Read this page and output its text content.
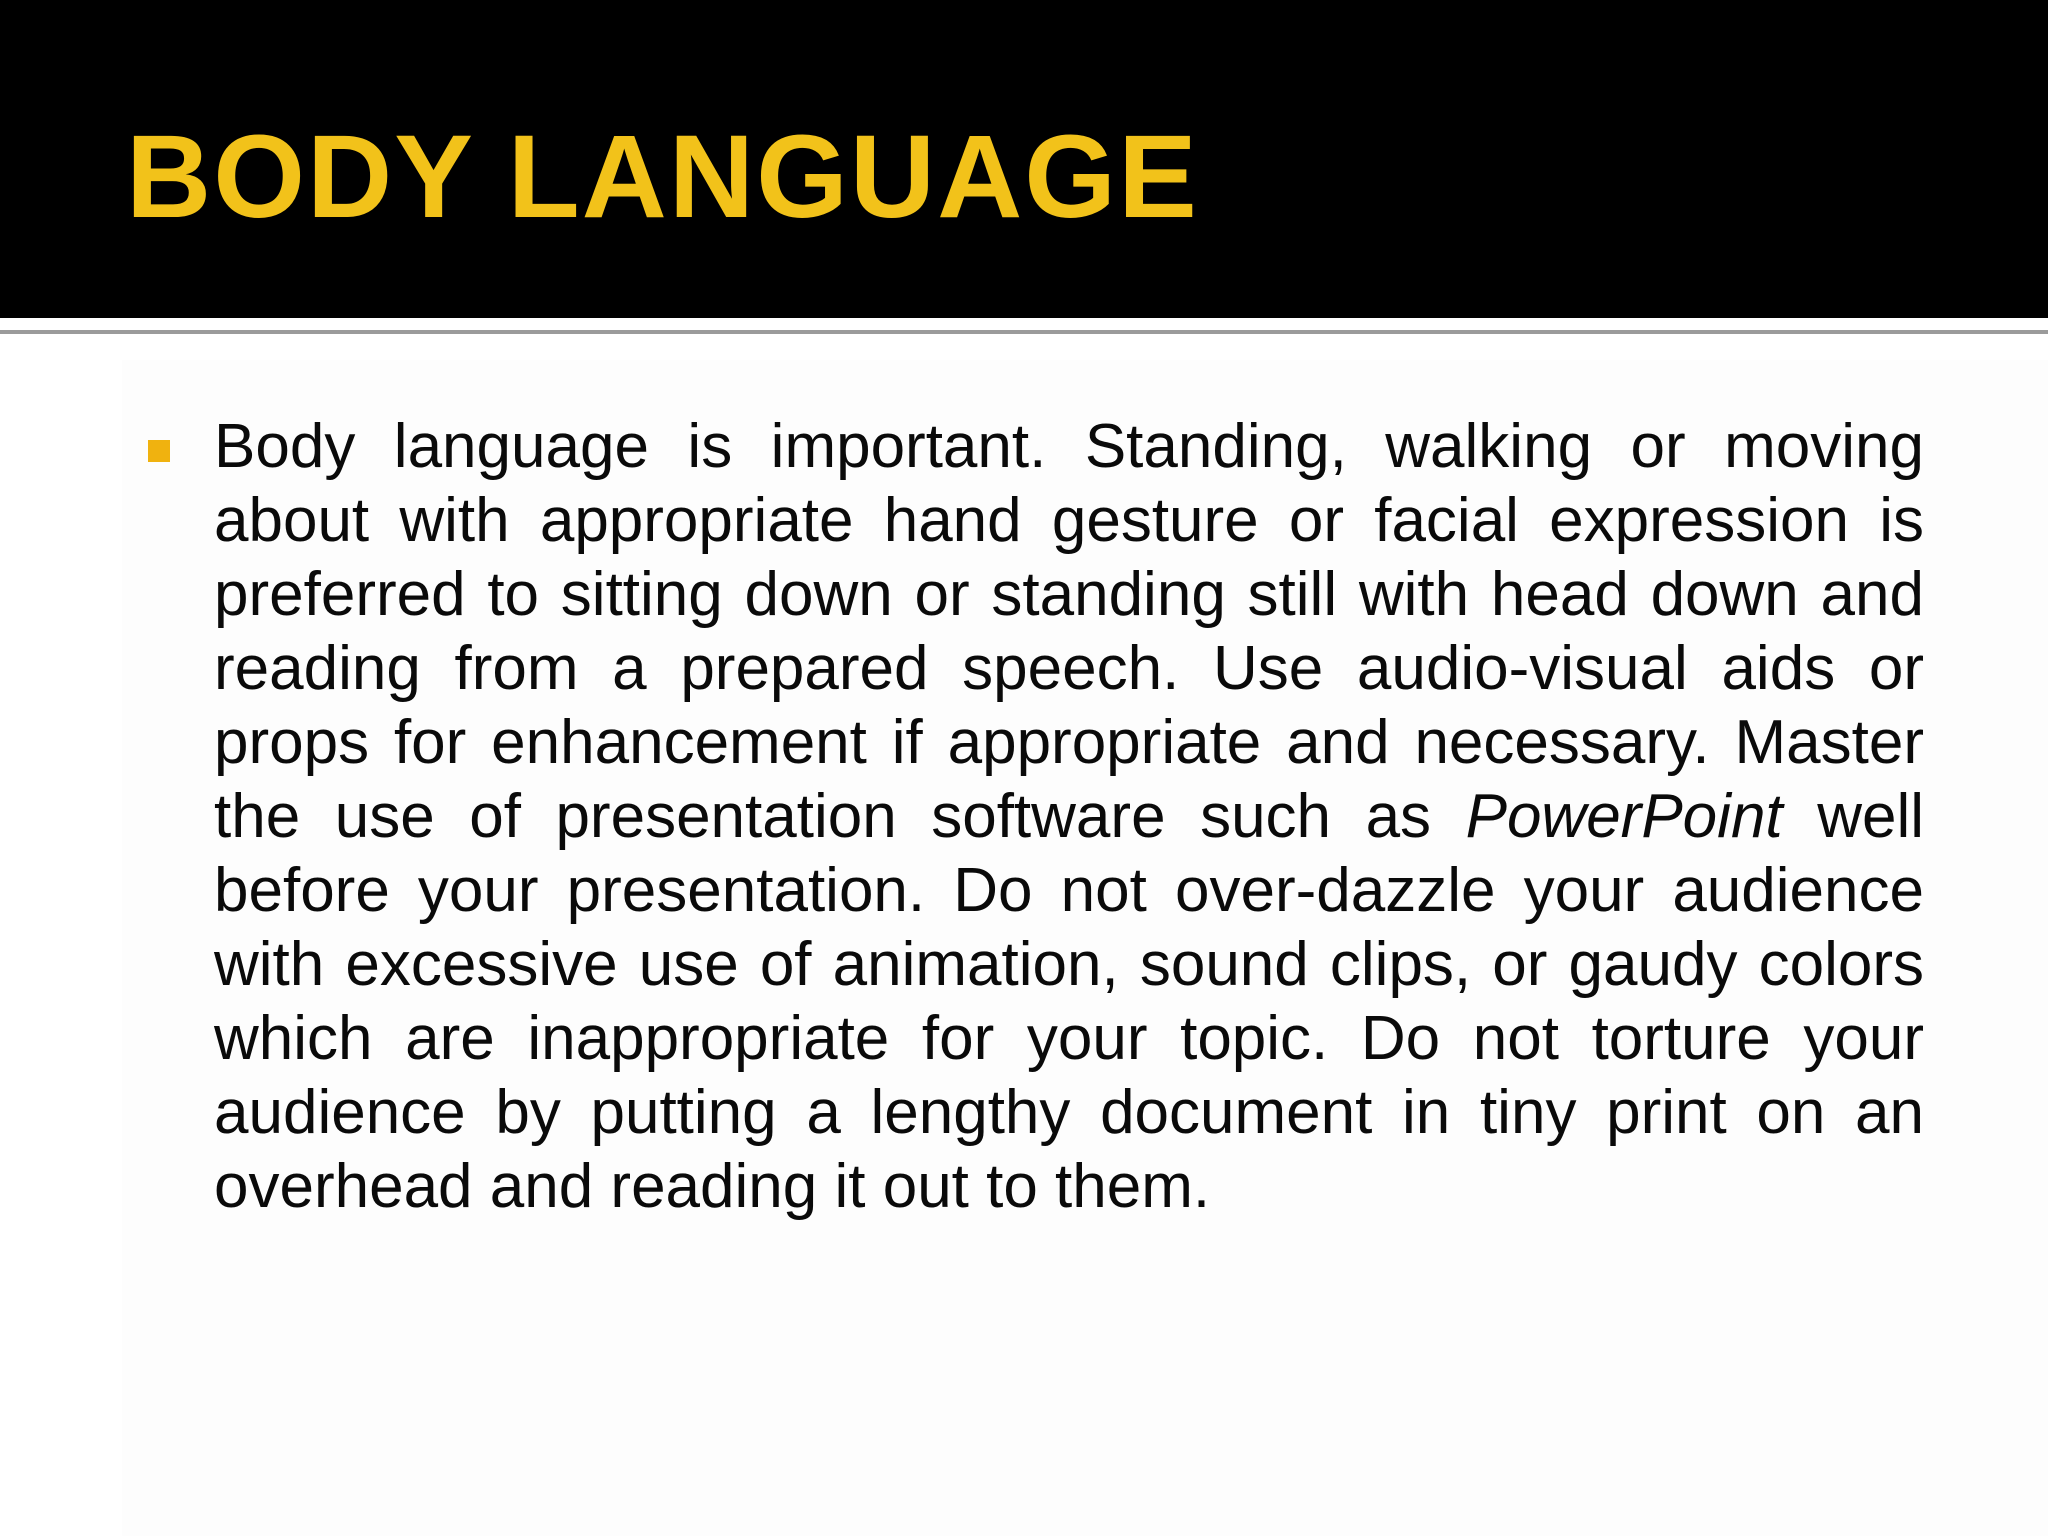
BODY LANGUAGE

Body language is important. Standing, walking or moving about with appropriate hand gesture or facial expression is preferred to sitting down or standing still with head down and reading from a prepared speech. Use audio-visual aids or props for enhancement if appropriate and necessary. Master the use of presentation software such as PowerPoint well before your presentation. Do not over-dazzle your audience with excessive use of animation, sound clips, or gaudy colors which are inappropriate for your topic. Do not torture your audience by putting a lengthy document in tiny print on an overhead and reading it out to them.
